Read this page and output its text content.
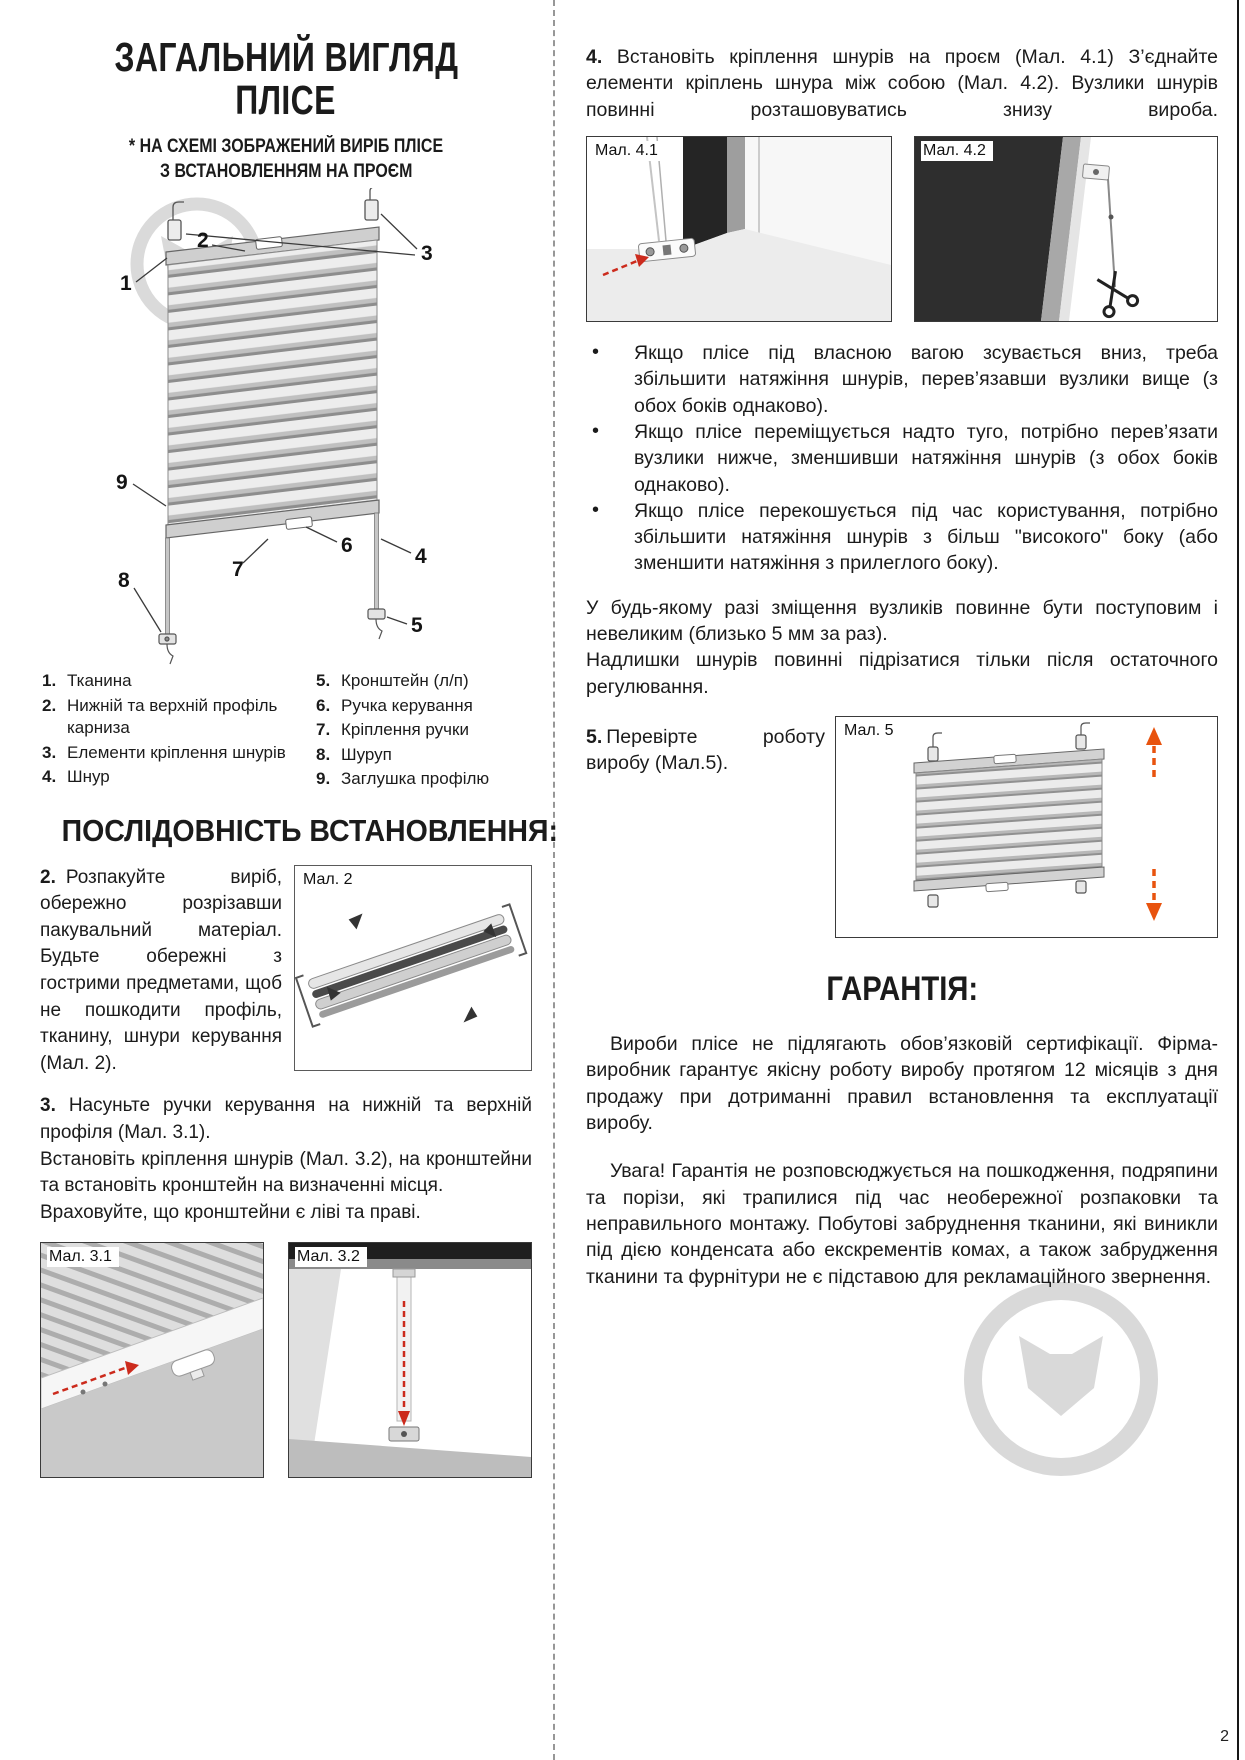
2
ЗАГАЛЬНИЙ ВИГЛЯД
ПЛІСЕ
* НА СХЕМІ ЗОБРАЖЕНИЙ ВИРІБ ПЛІСЕ
З ВСТАНОВЛЕННЯМ НА ПРОЄМ
1
2
3
4
5
6
7
8
9
1. Тканина
2. Нижній та верхній профіль карниза
3. Елементи кріплення шнурів
4. Шнур
5. Кронштейн (л/п)
6. Ручка керування
7. Кріплення ручки
8. Шуруп
9. Заглушка профілю
ПОСЛІДОВНІСТЬ ВСТАНОВЛЕННЯ:

2. Розпакуйте виріб, обережно розрізавши пакувальний матеріал. Будьте обережні з гострими предметами, щоб не пошкодити профіль, тканину, шнури керування (Мал. 2).

Мал. 2

3. Насуньте ручки керування на нижній та верхній профіля (Мал. 3.1).

Встановіть кріплення шнурів (Мал. 3.2), на кронштейни та встановіть кронштейн на визначенні місця.

Враховуйте, що кронштейни є ліві та праві.

Мал. 3.1	Мал. 3.2

4. Встановіть кріплення шнурів на проєм (Мал. 4.1) З’єднайте елементи кріплень шнура між собою (Мал. 4.2). Вузлики шнурів повинні розташовуватись знизу вироба.

Мал. 4.1	Мал. 4.2
• Якщо плісе під власною вагою зсувається вниз, треба збільшити натяжіння шнурів, перев’язавши вузлики вище (з обох боків однаково).
• Якщо плісе переміщується надто туго, потрібно перев’язати вузлики нижче, зменшивши натяжіння шнурів (з обох боків однаково).
• Якщо плісе перекошується під час користування, потрібно збільшити натяжіння шнурів з більш "високого" боку (або зменшити натяжіння з прилеглого боку).

У будь-якому разі зміщення вузликів повинне бути поступовим і невеликим (близько 5 мм за раз).

Надлишки шнурів повинні підрізатися тільки після остаточного регулювання.

5. Перевірте роботу виробу (Мал.5).

Мал. 5
ГАРАНТІЯ:

Вироби плісе не підлягають обов’язковій сертифікації. Фірма-виробник гарантує якісну роботу виробу протягом 12 місяців з дня продажу при дотриманні правил встановлення та експлуатації виробу.

Увага! Гарантія не розповсюджується на пошкодження, подряпини та порізи, які трапилися під час необережної розпаковки та неправильного монтажу. Побутові забруднення тканини, які виникли під дією конденсата або екскрементів комах, а також забрудження тканини та фурнітури не є підставою для рекламаційного звернення.
